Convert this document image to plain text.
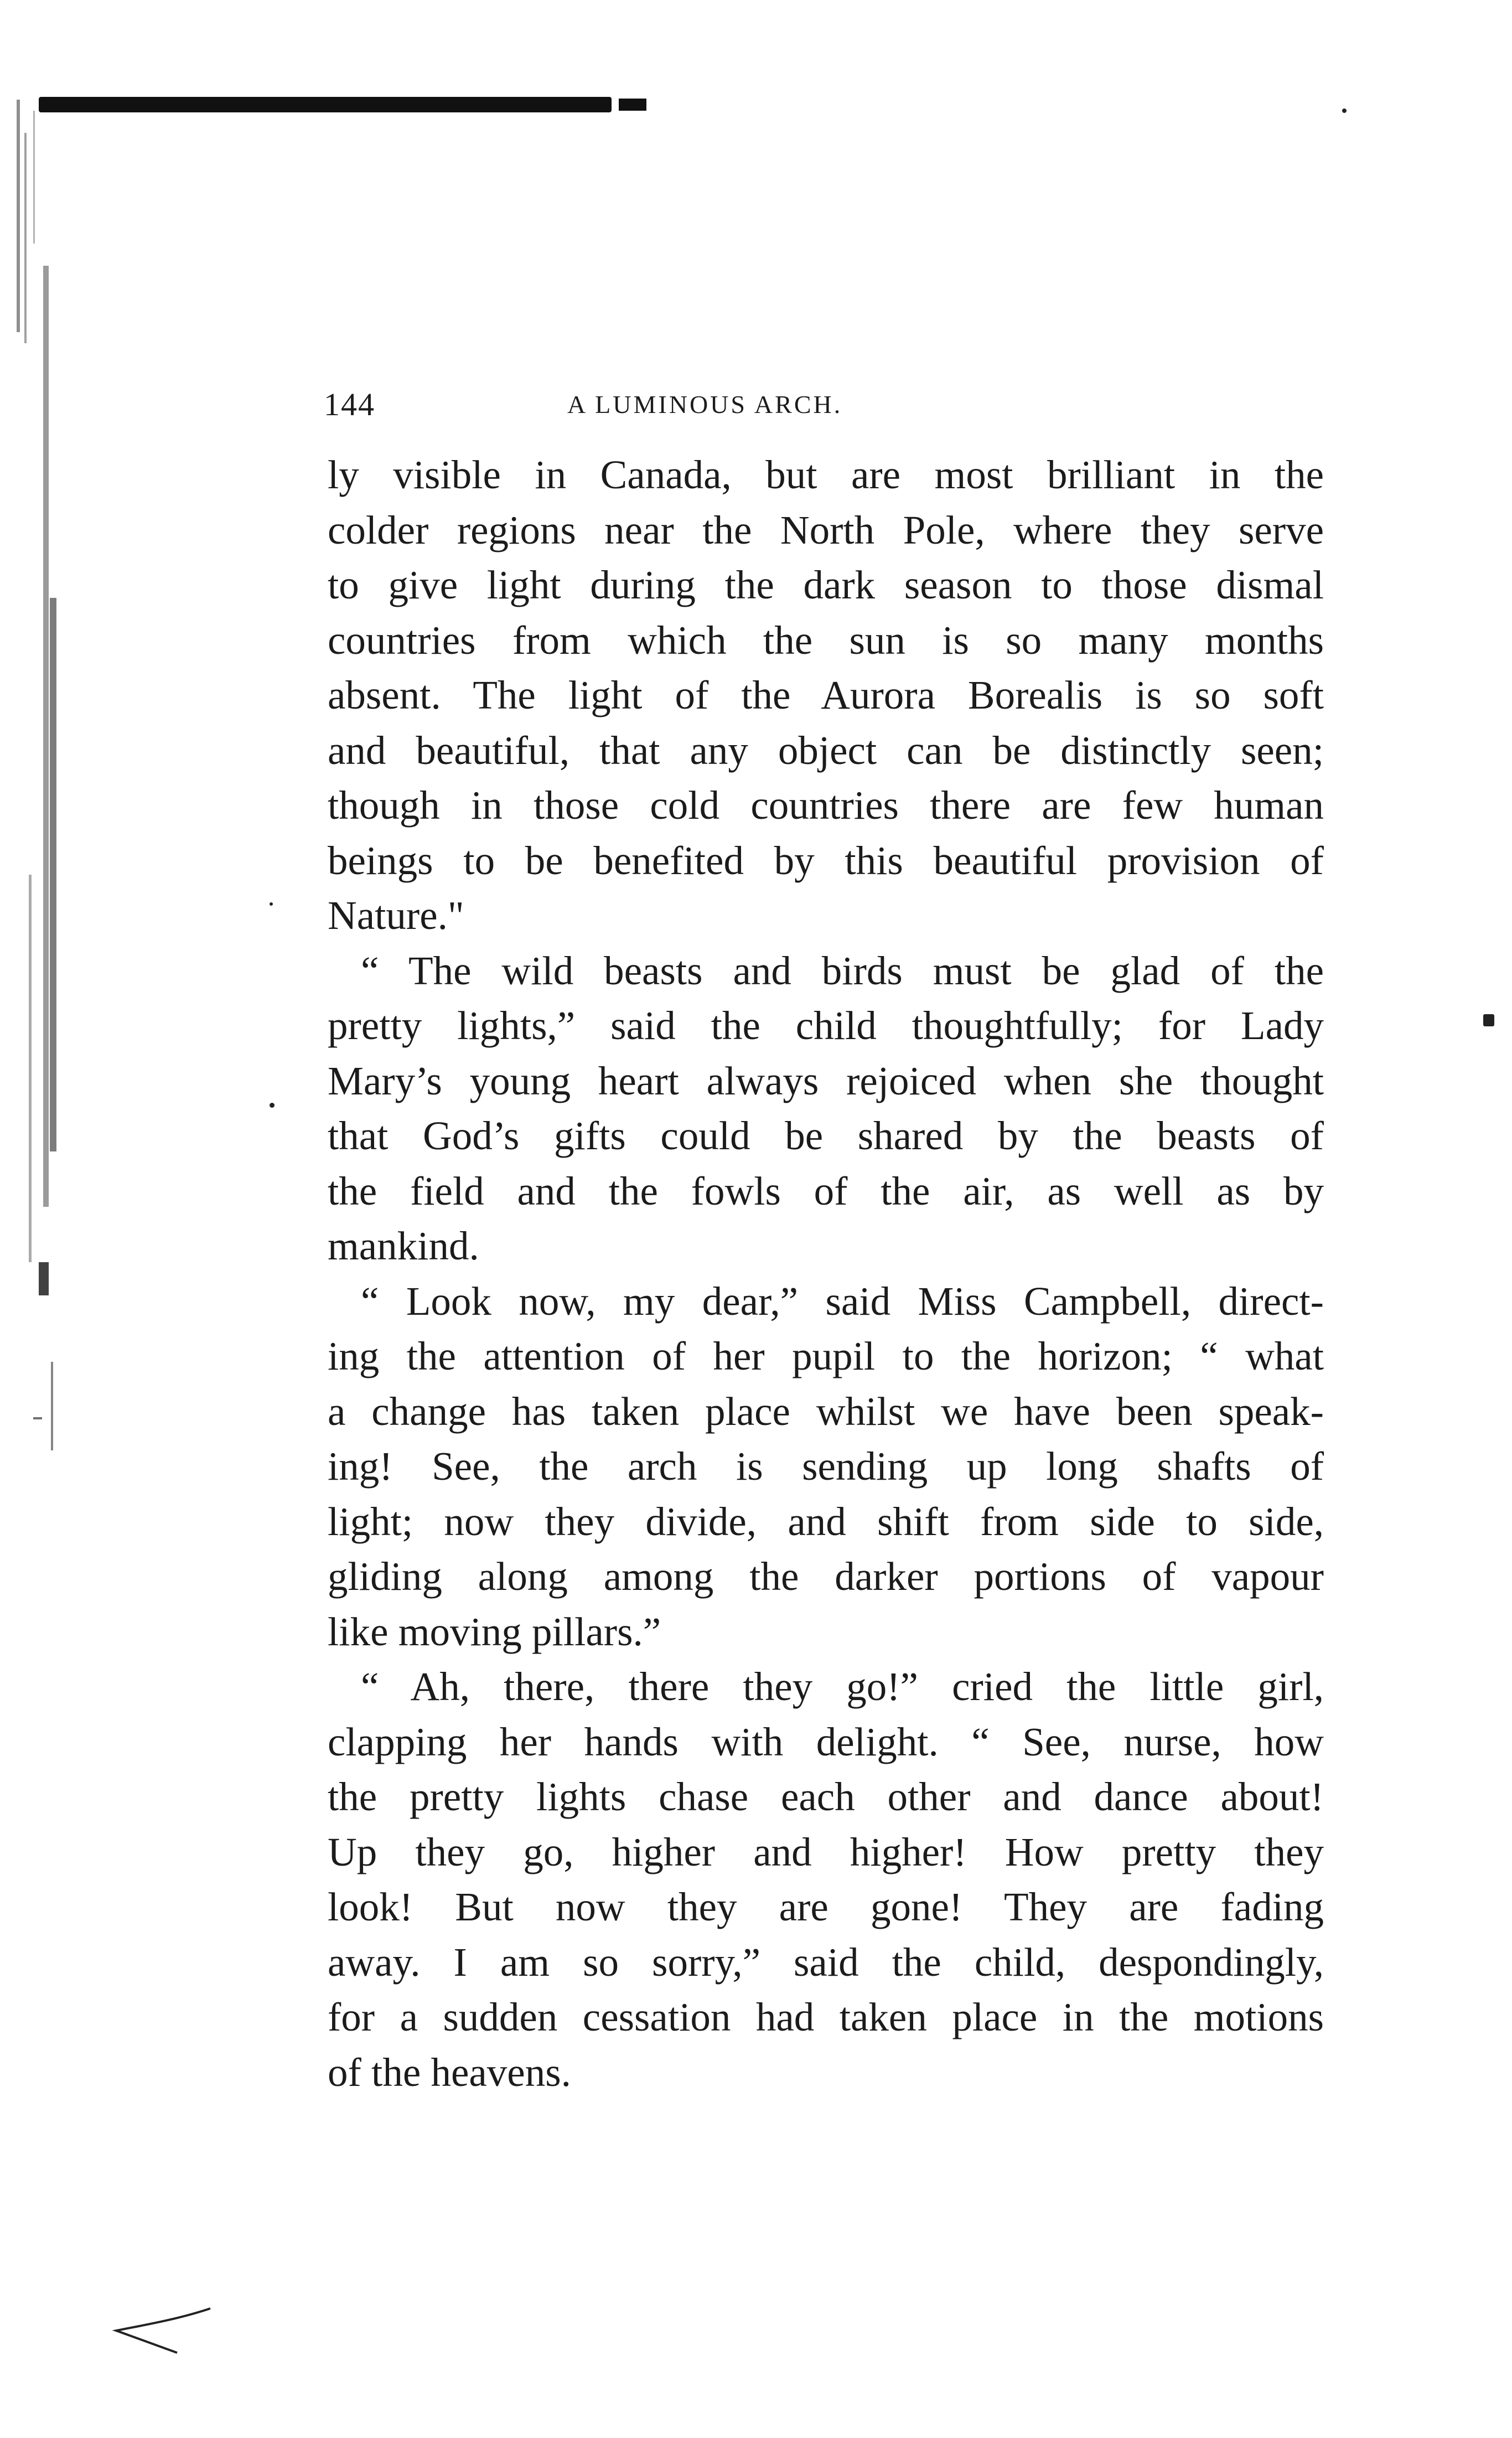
144	A LUMINOUS ARCH.
ly visible in Canada, but are most brilliant in the
colder regions near the North Pole, where they serve
to give light during the dark season to those dismal
countries from which the sun is so many months
absent. The light of the Aurora Borealis is so soft
and beautiful, that any object can be distinctly seen;
though in those cold countries there are few human
beings to be benefited by this beautiful provision of
Nature."
“ The wild beasts and birds must be glad of the
pretty lights,” said the child thoughtfully; for Lady
Mary’s young heart always rejoiced when she thought
that God’s gifts could be shared by the beasts of
the field and the fowls of the air, as well as by
mankind.
“ Look now, my dear,” said Miss Campbell, direct-
ing the attention of her pupil to the horizon; “ what
a change has taken place whilst we have been speak-
ing! See, the arch is sending up long shafts of
light; now they divide, and shift from side to side,
gliding along among the darker portions of vapour
like moving pillars.”
“ Ah, there, there they go!” cried the little girl,
clapping her hands with delight. “ See, nurse, how
the pretty lights chase each other and dance about!
Up they go, higher and higher! How pretty they
look! But now they are gone! They are fading
away. I am so sorry,” said the child, despondingly,
for a sudden cessation had taken place in the motions
of the heavens.
